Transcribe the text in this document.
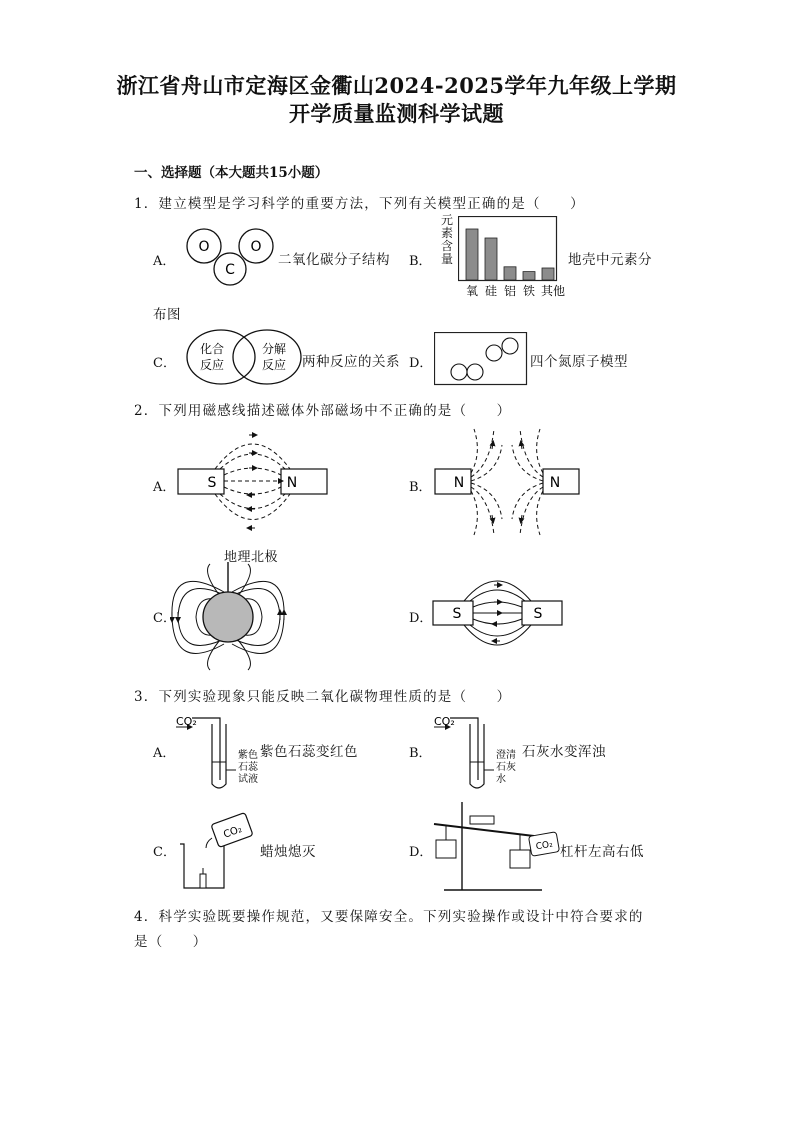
浙江省舟山市定海区金衢山2024-2025学年九年级上学期
开学质量监测科学试题
一、选择题（本大题共15小题）
1．建立模型是学习科学的重要方法，下列有关模型正确的是（　　）
A．
O	O
C
二氧化碳分子结构 B．
元素含量
氧 硅 铝 铁 其他
地壳中元素分
布图
C．
化合
反应
分解
反应 两种反应的关系 D．	四个氮原子模型
2．下列用磁感线描述磁体外部磁场中不正确的是（　　）
A． S	N	B． N	N
C．
地理北极
D． S	S
3．下列实验现象只能反映二氧化碳物理性质的是（　　）
A．
CO₂
紫色
石蕊
试液
紫色石蕊变红色	B．
CO₂
澄清
石灰
水
石灰水变浑浊
C．
CO₂
蜡烛熄灭	D．	CO₂ 杠杆左高右低
4．科学实验既要操作规范，又要保障安全。下列实验操作或设计中符合要求的
是（　　）
